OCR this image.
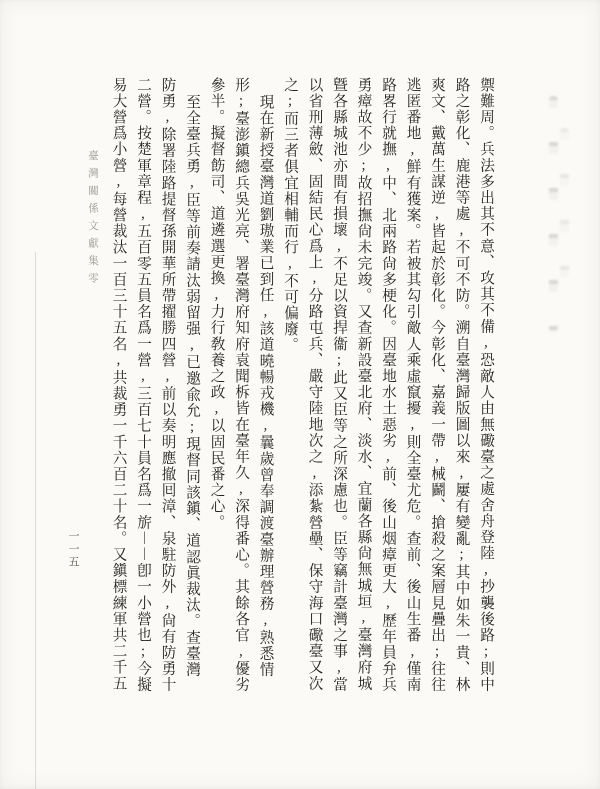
禦難周。兵法多出其不意、攻其不備,恐敵人由無礮臺之處舍舟登陸,抄襲後路;則中
路之彰化、鹿港等處,不可不防。溯自臺灣歸版圖以來,屢有變亂;其中如朱一貴、林
爽文、戴萬生謀逆,皆起於彰化。今彰化、嘉義一帶,械鬬、搶殺之案層見疊出;往往
逃匿番地,鮮有獲案。若被其勾引敵人乘虛竄擾,則全臺尤危。查前、後山生番,僅南
路畧行就撫,中、北兩路尙多梗化。因臺地水土惡劣,前、後山烟瘴更大,歷年員弁兵
勇瘴故不少;故招撫尙未完竣。又查新設臺北府、淡水、宜蘭各縣尙無城垣,臺灣府城
曁各縣城池亦間有損壞,不足以資捍衞;此又臣等之所深慮也。臣等竊計臺灣之事,當
以省刑薄斂、固結民心爲上,分路屯兵、嚴守陸地次之,添紮營壘、保守海口礮臺又次
之;而三者俱宜相輔而行,不可偏廢。
現在新授臺灣道劉璈業已到任,該道曉暢戎機,曩歲曾奉調渡臺辦理營務,熟悉情
形;臺澎鎭總兵吳光亮、署臺灣府知府袁聞柝皆在臺年久,深得番心。其餘各官,優劣
參半。擬督飭司、道遴選更換,力行敎養之政,以固民番之心。
至全臺兵勇,臣等前奏請汰弱留强,已邀兪允;現督同該鎭、道認眞裁汰。查臺灣
防勇,除署陸路提督孫開華所帶擢勝四營,前以奏明應撤囘漳、泉駐防外,尙有防勇十
二營。按楚軍章程,五百零五員名爲一營,三百七十員名爲一旂︱︱卽一小營也;今擬
易大營爲小營,每營裁汰一百三十五名,共裁勇一千六百二十名。又鎭標練軍共二千五
臺灣關係文獻集零
一一五
